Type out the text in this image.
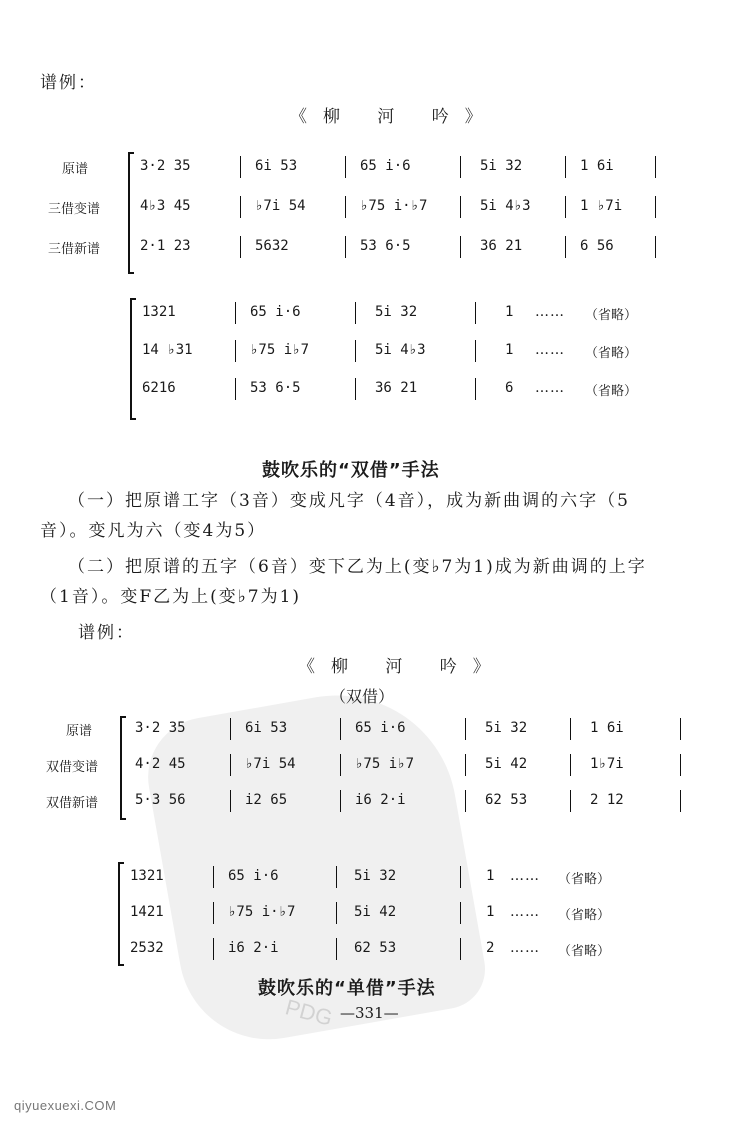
PDG
谱例：
《柳 河 吟》
原谱	3·2 35	6i 53	65 i·6	5i 32	1 6i
三借变谱	4♭3 45	♭7i 54	♭75 i·♭7	5i 4♭3	1 ♭7i
三借新谱	2·1 23	5632	53 6·5	36 21	6 56
1321	65 i·6	5i 32	1 …… （省略）
14 ♭31	♭75 i♭7	5i 4♭3	1 …… （省略）
6216	53 6·5	36 21	6 …… （省略）
鼓吹乐的“双借”手法
（一）把原谱工字（3音）变成凡字（4音），成为新曲调的六字（5
音）。变凡为六（变4为5）
（二）把原谱的五字（6音）变下乙为上(变♭7为1)成为新曲调的上字
（1音）。变F乙为上(变♭7为1)
谱例：
《柳 河 吟》
（双借）
原谱	3·2 35	6i 53	65 i·6	5i 32	1 6i
双借变谱	4·2 45	♭7i 54	♭75 i♭7	5i 42	1♭7i
双借新谱	5·3 56	i2 65	i6 2·i	62 53	2 12
1321	65 i·6	5i 32	1 …… （省略）
1421	♭75 i·♭7	5i 42	1 …… （省略）
2532	i6 2·i	62 53	2 …… （省略）
鼓吹乐的“单借”手法
—331—
qiyuexuexi.COM
